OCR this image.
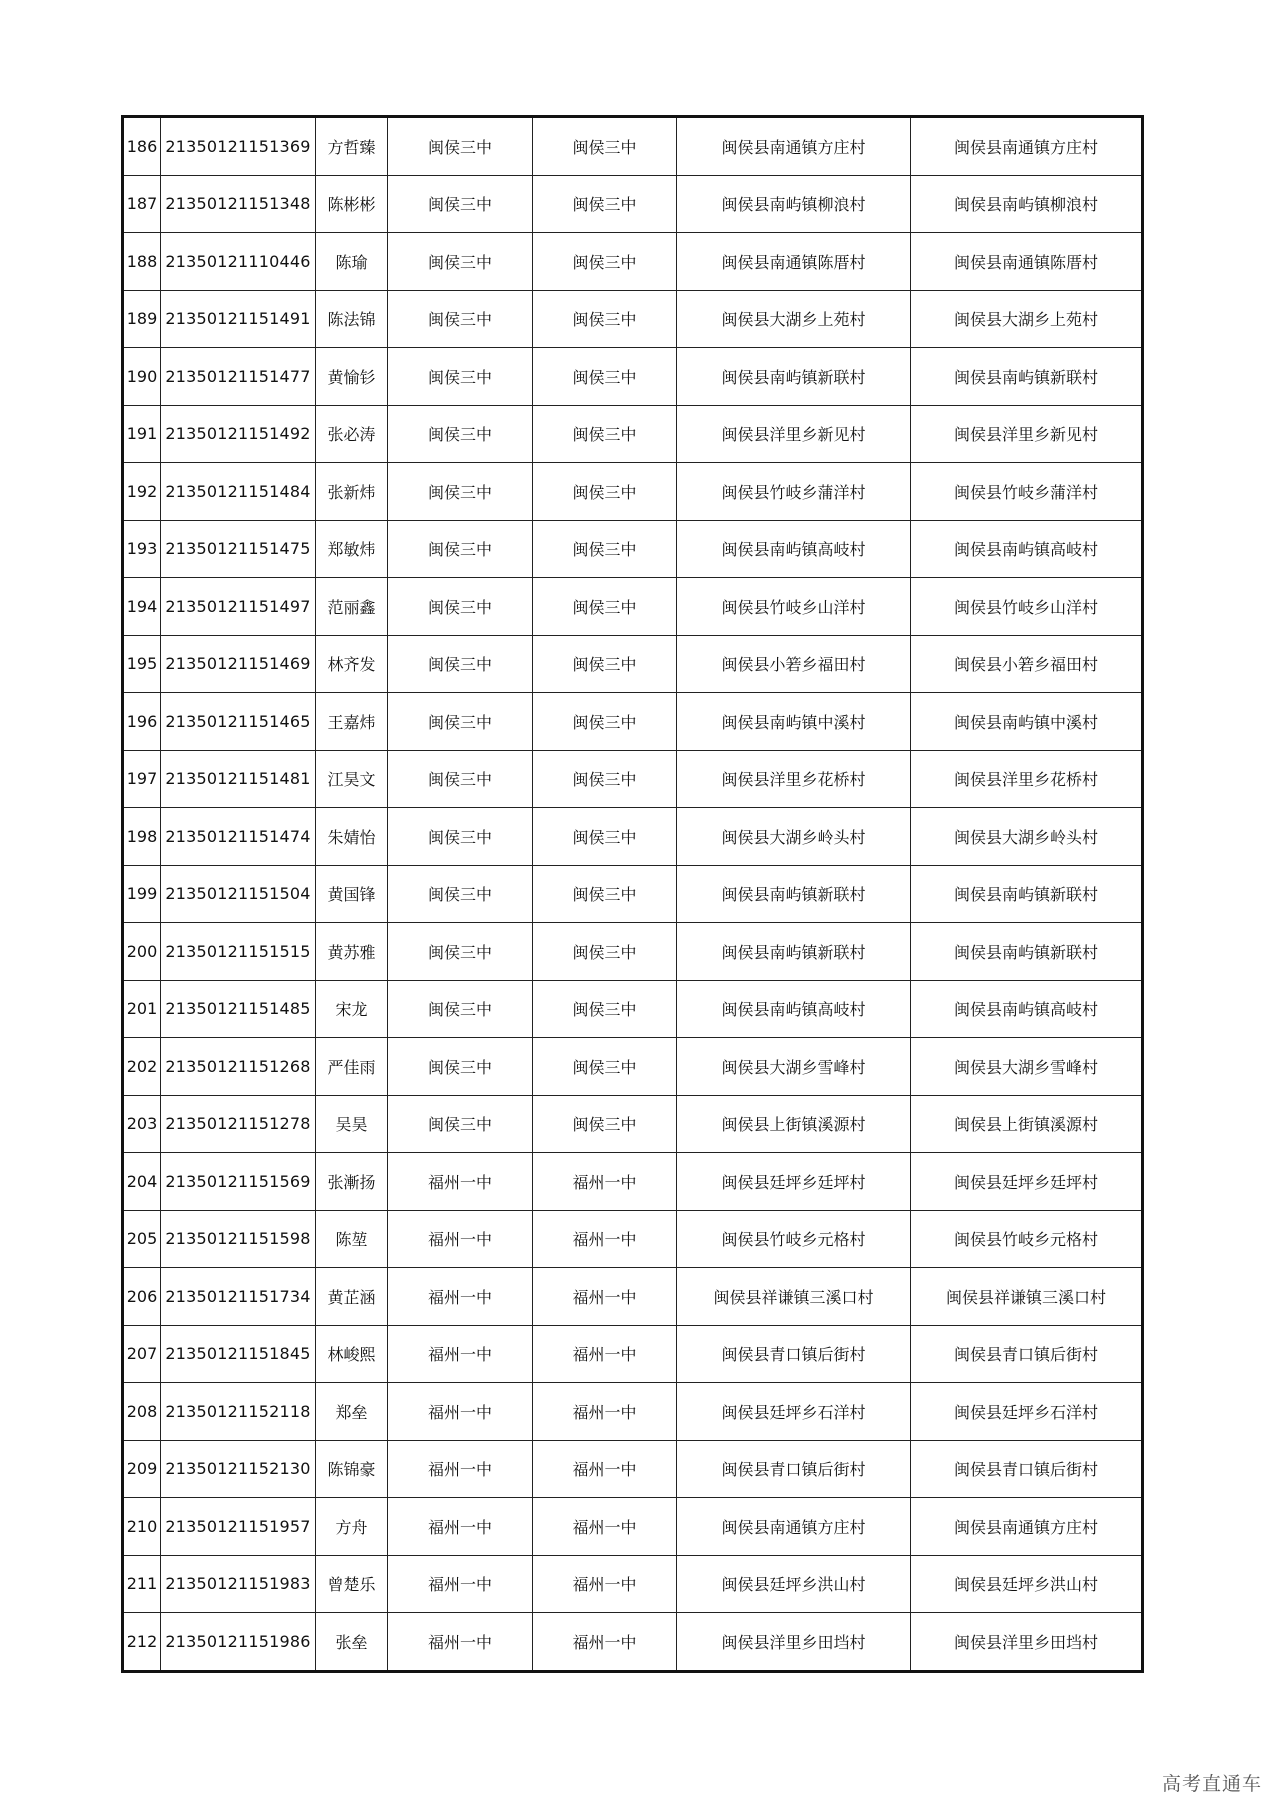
186	21350121151369	方哲臻	闽侯三中	闽侯三中	闽侯县南通镇方庄村	闽侯县南通镇方庄村
187	21350121151348	陈彬彬	闽侯三中	闽侯三中	闽侯县南屿镇柳浪村	闽侯县南屿镇柳浪村
188	21350121110446	陈瑜	闽侯三中	闽侯三中	闽侯县南通镇陈厝村	闽侯县南通镇陈厝村
189	21350121151491	陈法锦	闽侯三中	闽侯三中	闽侯县大湖乡上苑村	闽侯县大湖乡上苑村
190	21350121151477	黄愉钐	闽侯三中	闽侯三中	闽侯县南屿镇新联村	闽侯县南屿镇新联村
191	21350121151492	张必涛	闽侯三中	闽侯三中	闽侯县洋里乡新见村	闽侯县洋里乡新见村
192	21350121151484	张新炜	闽侯三中	闽侯三中	闽侯县竹岐乡蒲洋村	闽侯县竹岐乡蒲洋村
193	21350121151475	郑敏炜	闽侯三中	闽侯三中	闽侯县南屿镇高岐村	闽侯县南屿镇高岐村
194	21350121151497	范丽鑫	闽侯三中	闽侯三中	闽侯县竹岐乡山洋村	闽侯县竹岐乡山洋村
195	21350121151469	林齐发	闽侯三中	闽侯三中	闽侯县小箬乡福田村	闽侯县小箬乡福田村
196	21350121151465	王嘉炜	闽侯三中	闽侯三中	闽侯县南屿镇中溪村	闽侯县南屿镇中溪村
197	21350121151481	江昊文	闽侯三中	闽侯三中	闽侯县洋里乡花桥村	闽侯县洋里乡花桥村
198	21350121151474	朱婧怡	闽侯三中	闽侯三中	闽侯县大湖乡岭头村	闽侯县大湖乡岭头村
199	21350121151504	黄国锋	闽侯三中	闽侯三中	闽侯县南屿镇新联村	闽侯县南屿镇新联村
200	21350121151515	黄苏雅	闽侯三中	闽侯三中	闽侯县南屿镇新联村	闽侯县南屿镇新联村
201	21350121151485	宋龙	闽侯三中	闽侯三中	闽侯县南屿镇高岐村	闽侯县南屿镇高岐村
202	21350121151268	严佳雨	闽侯三中	闽侯三中	闽侯县大湖乡雪峰村	闽侯县大湖乡雪峰村
203	21350121151278	吴昊	闽侯三中	闽侯三中	闽侯县上街镇溪源村	闽侯县上街镇溪源村
204	21350121151569	张漸扬	福州一中	福州一中	闽侯县廷坪乡廷坪村	闽侯县廷坪乡廷坪村
205	21350121151598	陈堃	福州一中	福州一中	闽侯县竹岐乡元格村	闽侯县竹岐乡元格村
206	21350121151734	黄芷涵	福州一中	福州一中	闽侯县祥谦镇三溪口村	闽侯县祥谦镇三溪口村
207	21350121151845	林峻熙	福州一中	福州一中	闽侯县青口镇后街村	闽侯县青口镇后街村
208	21350121152118	郑垒	福州一中	福州一中	闽侯县廷坪乡石洋村	闽侯县廷坪乡石洋村
209	21350121152130	陈锦豪	福州一中	福州一中	闽侯县青口镇后街村	闽侯县青口镇后街村
210	21350121151957	方舟	福州一中	福州一中	闽侯县南通镇方庄村	闽侯县南通镇方庄村
211	21350121151983	曾楚乐	福州一中	福州一中	闽侯县廷坪乡洪山村	闽侯县廷坪乡洪山村
212	21350121151986	张垒	福州一中	福州一中	闽侯县洋里乡田垱村	闽侯县洋里乡田垱村
高考直通车
